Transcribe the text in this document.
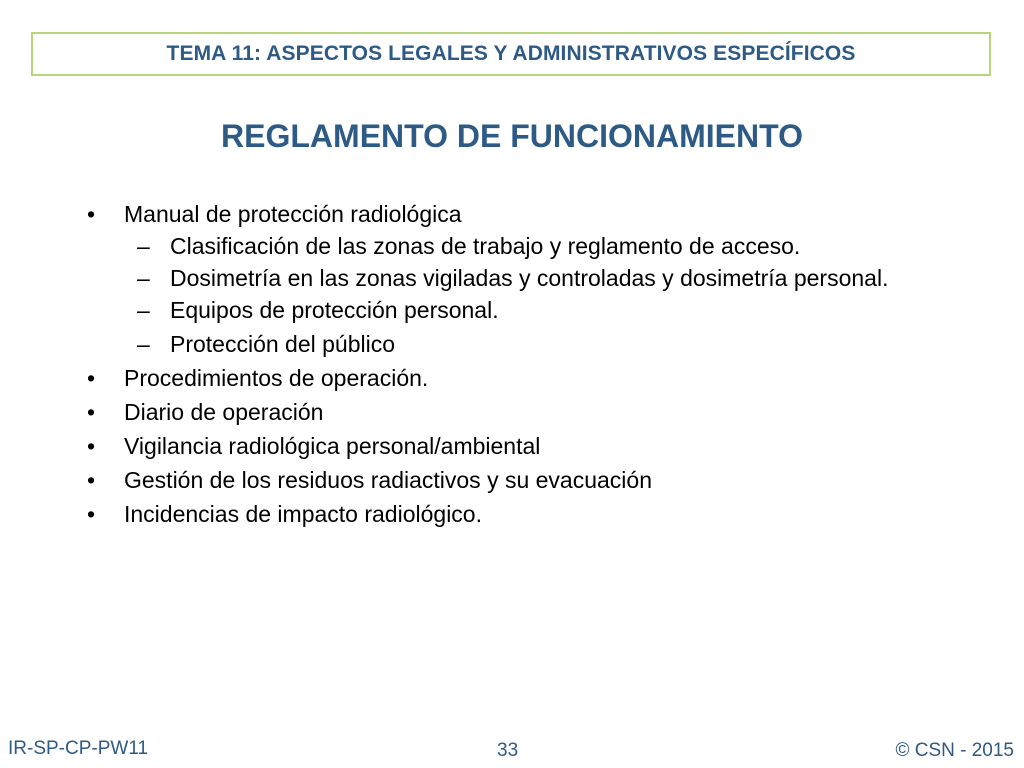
TEMA 11: ASPECTOS LEGALES Y ADMINISTRATIVOS ESPECÍFICOS
REGLAMENTO DE FUNCIONAMIENTO
• Manual de protección radiológica
– Clasificación de las zonas de trabajo y reglamento de acceso.
– Dosimetría en las zonas vigiladas y controladas y dosimetría personal.
– Equipos de protección personal.
– Protección del público
• Procedimientos de operación.
• Diario de operación
• Vigilancia radiológica personal/ambiental
• Gestión de los residuos radiactivos y su evacuación
• Incidencias de impacto radiológico.
IR-SP-CP-PW11	33	© CSN - 2015
